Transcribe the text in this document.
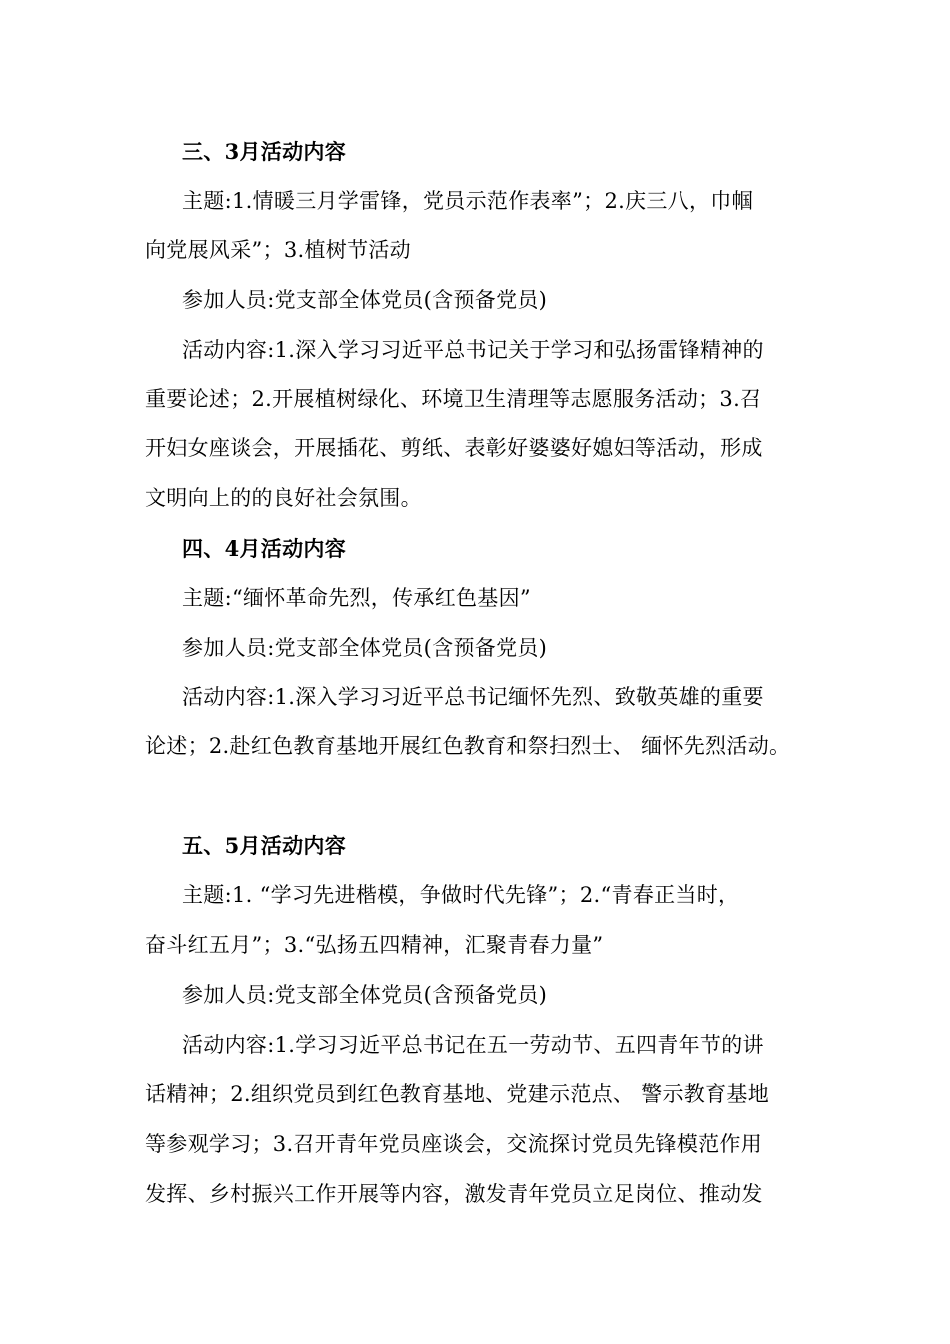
三、3月活动内容
主题:1.情暖三月学雷锋，党员示范作表率”；2.庆三八，巾帼
向党展风采”；3.植树节活动
参加人员:党支部全体党员(含预备党员)
活动内容:1.深入学习习近平总书记关于学习和弘扬雷锋精神的
重要论述；2.开展植树绿化、环境卫生清理等志愿服务活动；3.召
开妇女座谈会，开展插花、剪纸、表彰好婆婆好媳妇等活动，形成
文明向上的的良好社会氛围。
四、4月活动内容
主题:“缅怀革命先烈，传承红色基因”
参加人员:党支部全体党员(含预备党员)
活动内容:1.深入学习习近平总书记缅怀先烈、致敬英雄的重要
论述；2.赴红色教育基地开展红色教育和祭扫烈士、 缅怀先烈活动。
五、5月活动内容
主题:1. “学习先进楷模，争做时代先锋”；2.“青春正当时，
奋斗红五月”；3.“弘扬五四精神，汇聚青春力量”
参加人员:党支部全体党员(含预备党员)
活动内容:1.学习习近平总书记在五一劳动节、五四青年节的讲
话精神；2.组织党员到红色教育基地、党建示范点、 警示教育基地
等参观学习；3.召开青年党员座谈会，交流探讨党员先锋模范作用
发挥、乡村振兴工作开展等内容，激发青年党员立足岗位、推动发
